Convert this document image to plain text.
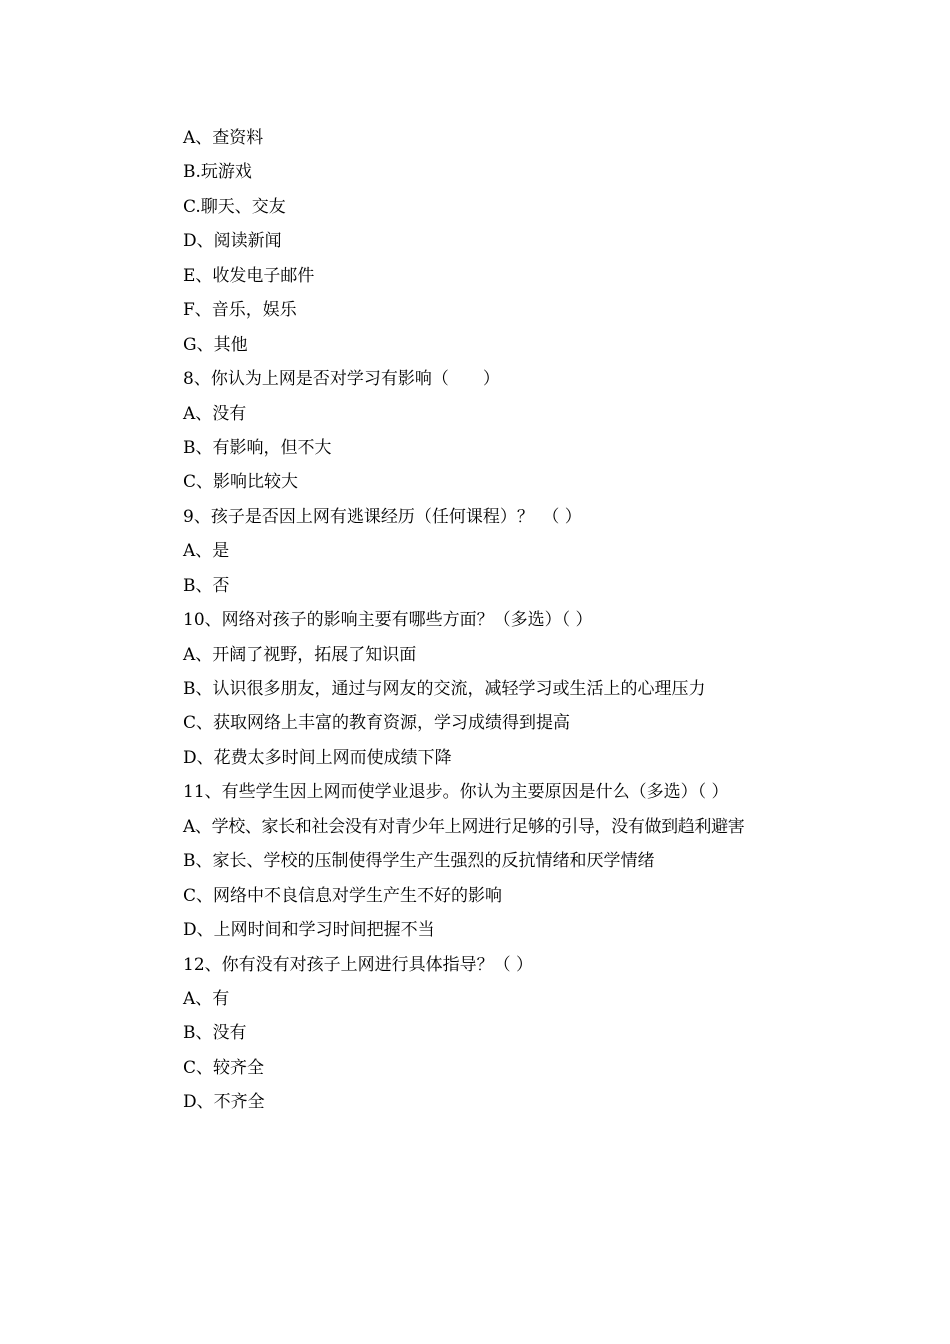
A、查资料
B.玩游戏
C.聊天、交友
D、阅读新闻
E、收发电子邮件
F、音乐，娱乐
G、其他
8、你认为上网是否对学习有影响（　　）
A、没有
B、有影响，但不大
C、影响比较大
9、孩子是否因上网有逃课经历（任何课程）？　（ ）
A、是
B、否
10、网络对孩子的影响主要有哪些方面？（多选）（ ）
A、开阔了视野，拓展了知识面
B、认识很多朋友，通过与网友的交流，减轻学习或生活上的心理压力
C、获取网络上丰富的教育资源，学习成绩得到提高
D、花费太多时间上网而使成绩下降
11、有些学生因上网而使学业退步。你认为主要原因是什么（多选）（ ）
A、学校、家长和社会没有对青少年上网进行足够的引导，没有做到趋利避害
B、家长、学校的压制使得学生产生强烈的反抗情绪和厌学情绪
C、网络中不良信息对学生产生不好的影响
D、上网时间和学习时间把握不当
12、你有没有对孩子上网进行具体指导？（ ）
A、有
B、没有
C、较齐全
D、不齐全
